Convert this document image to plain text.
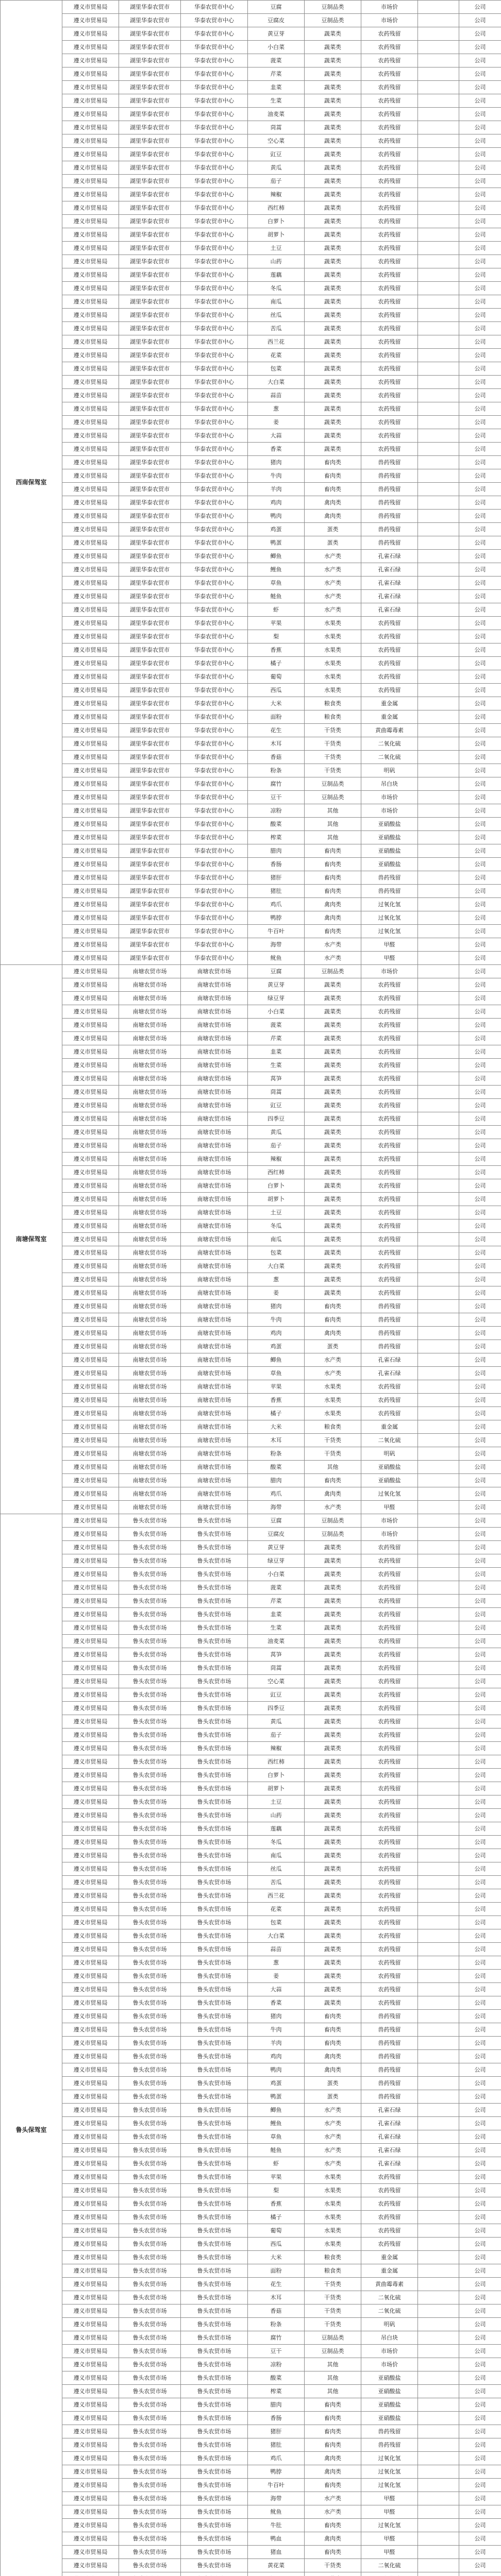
西南保驾室	遵义市贸易局	湖里华泰农贸市	华泰农贸市中心	豆腐	豆制品类	市场价		公司
	遵义市贸易局	湖里华泰农贸市	华泰农贸市中心	豆腐皮	豆制品类	市场价		公司
	遵义市贸易局	湖里华泰农贸市	华泰农贸市中心	黄豆芽	蔬菜类	农药残留		公司
	遵义市贸易局	湖里华泰农贸市	华泰农贸市中心	小白菜	蔬菜类	农药残留		公司
	遵义市贸易局	湖里华泰农贸市	华泰农贸市中心	菠菜	蔬菜类	农药残留		公司
	遵义市贸易局	湖里华泰农贸市	华泰农贸市中心	芹菜	蔬菜类	农药残留		公司
	遵义市贸易局	湖里华泰农贸市	华泰农贸市中心	韭菜	蔬菜类	农药残留		公司
	遵义市贸易局	湖里华泰农贸市	华泰农贸市中心	生菜	蔬菜类	农药残留		公司
	遵义市贸易局	湖里华泰农贸市	华泰农贸市中心	油麦菜	蔬菜类	农药残留		公司
	遵义市贸易局	湖里华泰农贸市	华泰农贸市中心	茼蒿	蔬菜类	农药残留		公司
	遵义市贸易局	湖里华泰农贸市	华泰农贸市中心	空心菜	蔬菜类	农药残留		公司
	遵义市贸易局	湖里华泰农贸市	华泰农贸市中心	豇豆	蔬菜类	农药残留		公司
	遵义市贸易局	湖里华泰农贸市	华泰农贸市中心	黄瓜	蔬菜类	农药残留		公司
	遵义市贸易局	湖里华泰农贸市	华泰农贸市中心	茄子	蔬菜类	农药残留		公司
	遵义市贸易局	湖里华泰农贸市	华泰农贸市中心	辣椒	蔬菜类	农药残留		公司
	遵义市贸易局	湖里华泰农贸市	华泰农贸市中心	西红柿	蔬菜类	农药残留		公司
	遵义市贸易局	湖里华泰农贸市	华泰农贸市中心	白萝卜	蔬菜类	农药残留		公司
	遵义市贸易局	湖里华泰农贸市	华泰农贸市中心	胡萝卜	蔬菜类	农药残留		公司
	遵义市贸易局	湖里华泰农贸市	华泰农贸市中心	土豆	蔬菜类	农药残留		公司
	遵义市贸易局	湖里华泰农贸市	华泰农贸市中心	山药	蔬菜类	农药残留		公司
	遵义市贸易局	湖里华泰农贸市	华泰农贸市中心	莲藕	蔬菜类	农药残留		公司
	遵义市贸易局	湖里华泰农贸市	华泰农贸市中心	冬瓜	蔬菜类	农药残留		公司
	遵义市贸易局	湖里华泰农贸市	华泰农贸市中心	南瓜	蔬菜类	农药残留		公司
	遵义市贸易局	湖里华泰农贸市	华泰农贸市中心	丝瓜	蔬菜类	农药残留		公司
	遵义市贸易局	湖里华泰农贸市	华泰农贸市中心	苦瓜	蔬菜类	农药残留		公司
	遵义市贸易局	湖里华泰农贸市	华泰农贸市中心	西兰花	蔬菜类	农药残留		公司
	遵义市贸易局	湖里华泰农贸市	华泰农贸市中心	花菜	蔬菜类	农药残留		公司
	遵义市贸易局	湖里华泰农贸市	华泰农贸市中心	包菜	蔬菜类	农药残留		公司
	遵义市贸易局	湖里华泰农贸市	华泰农贸市中心	大白菜	蔬菜类	农药残留		公司
	遵义市贸易局	湖里华泰农贸市	华泰农贸市中心	蒜苗	蔬菜类	农药残留		公司
	遵义市贸易局	湖里华泰农贸市	华泰农贸市中心	葱	蔬菜类	农药残留		公司
	遵义市贸易局	湖里华泰农贸市	华泰农贸市中心	姜	蔬菜类	农药残留		公司
	遵义市贸易局	湖里华泰农贸市	华泰农贸市中心	大蒜	蔬菜类	农药残留		公司
	遵义市贸易局	湖里华泰农贸市	华泰农贸市中心	香菜	蔬菜类	农药残留		公司
	遵义市贸易局	湖里华泰农贸市	华泰农贸市中心	猪肉	畜肉类	兽药残留		公司
	遵义市贸易局	湖里华泰农贸市	华泰农贸市中心	牛肉	畜肉类	兽药残留		公司
	遵义市贸易局	湖里华泰农贸市	华泰农贸市中心	羊肉	畜肉类	兽药残留		公司
	遵义市贸易局	湖里华泰农贸市	华泰农贸市中心	鸡肉	禽肉类	兽药残留		公司
	遵义市贸易局	湖里华泰农贸市	华泰农贸市中心	鸭肉	禽肉类	兽药残留		公司
	遵义市贸易局	湖里华泰农贸市	华泰农贸市中心	鸡蛋	蛋类	兽药残留		公司
	遵义市贸易局	湖里华泰农贸市	华泰农贸市中心	鸭蛋	蛋类	兽药残留		公司
	遵义市贸易局	湖里华泰农贸市	华泰农贸市中心	鲫鱼	水产类	孔雀石绿		公司
	遵义市贸易局	湖里华泰农贸市	华泰农贸市中心	鲤鱼	水产类	孔雀石绿		公司
	遵义市贸易局	湖里华泰农贸市	华泰农贸市中心	草鱼	水产类	孔雀石绿		公司
	遵义市贸易局	湖里华泰农贸市	华泰农贸市中心	鲢鱼	水产类	孔雀石绿		公司
	遵义市贸易局	湖里华泰农贸市	华泰农贸市中心	虾	水产类	孔雀石绿		公司
	遵义市贸易局	湖里华泰农贸市	华泰农贸市中心	苹果	水果类	农药残留		公司
	遵义市贸易局	湖里华泰农贸市	华泰农贸市中心	梨	水果类	农药残留		公司
	遵义市贸易局	湖里华泰农贸市	华泰农贸市中心	香蕉	水果类	农药残留		公司
	遵义市贸易局	湖里华泰农贸市	华泰农贸市中心	橘子	水果类	农药残留		公司
	遵义市贸易局	湖里华泰农贸市	华泰农贸市中心	葡萄	水果类	农药残留		公司
	遵义市贸易局	湖里华泰农贸市	华泰农贸市中心	西瓜	水果类	农药残留		公司
	遵义市贸易局	湖里华泰农贸市	华泰农贸市中心	大米	粮食类	重金属		公司
	遵义市贸易局	湖里华泰农贸市	华泰农贸市中心	面粉	粮食类	重金属		公司
	遵义市贸易局	湖里华泰农贸市	华泰农贸市中心	花生	干货类	黄曲霉毒素		公司
	遵义市贸易局	湖里华泰农贸市	华泰农贸市中心	木耳	干货类	二氧化硫		公司
	遵义市贸易局	湖里华泰农贸市	华泰农贸市中心	香菇	干货类	二氧化硫		公司
	遵义市贸易局	湖里华泰农贸市	华泰农贸市中心	粉条	干货类	明矾		公司
	遵义市贸易局	湖里华泰农贸市	华泰农贸市中心	腐竹	豆制品类	吊白块		公司
	遵义市贸易局	湖里华泰农贸市	华泰农贸市中心	豆干	豆制品类	市场价		公司
	遵义市贸易局	湖里华泰农贸市	华泰农贸市中心	凉粉	其他	市场价		公司
	遵义市贸易局	湖里华泰农贸市	华泰农贸市中心	酸菜	其他	亚硝酸盐		公司
	遵义市贸易局	湖里华泰农贸市	华泰农贸市中心	榨菜	其他	亚硝酸盐		公司
	遵义市贸易局	湖里华泰农贸市	华泰农贸市中心	腊肉	畜肉类	亚硝酸盐		公司
	遵义市贸易局	湖里华泰农贸市	华泰农贸市中心	香肠	畜肉类	亚硝酸盐		公司
	遵义市贸易局	湖里华泰农贸市	华泰农贸市中心	猪肝	畜肉类	兽药残留		公司
	遵义市贸易局	湖里华泰农贸市	华泰农贸市中心	猪肚	畜肉类	兽药残留		公司
	遵义市贸易局	湖里华泰农贸市	华泰农贸市中心	鸡爪	禽肉类	过氧化氢		公司
	遵义市贸易局	湖里华泰农贸市	华泰农贸市中心	鸭脖	禽肉类	过氧化氢		公司
	遵义市贸易局	湖里华泰农贸市	华泰农贸市中心	牛百叶	畜肉类	过氧化氢		公司
	遵义市贸易局	湖里华泰农贸市	华泰农贸市中心	海带	水产类	甲醛		公司
	遵义市贸易局	湖里华泰农贸市	华泰农贸市中心	鱿鱼	水产类	甲醛		公司
南塘保驾室	遵义市贸易局	南塘农贸市场	南塘农贸市场	豆腐	豆制品类	市场价		公司
	遵义市贸易局	南塘农贸市场	南塘农贸市场	黄豆芽	蔬菜类	农药残留		公司
	遵义市贸易局	南塘农贸市场	南塘农贸市场	绿豆芽	蔬菜类	农药残留		公司
	遵义市贸易局	南塘农贸市场	南塘农贸市场	小白菜	蔬菜类	农药残留		公司
	遵义市贸易局	南塘农贸市场	南塘农贸市场	菠菜	蔬菜类	农药残留		公司
	遵义市贸易局	南塘农贸市场	南塘农贸市场	芹菜	蔬菜类	农药残留		公司
	遵义市贸易局	南塘农贸市场	南塘农贸市场	韭菜	蔬菜类	农药残留		公司
	遵义市贸易局	南塘农贸市场	南塘农贸市场	生菜	蔬菜类	农药残留		公司
	遵义市贸易局	南塘农贸市场	南塘农贸市场	莴笋	蔬菜类	农药残留		公司
	遵义市贸易局	南塘农贸市场	南塘农贸市场	茼蒿	蔬菜类	农药残留		公司
	遵义市贸易局	南塘农贸市场	南塘农贸市场	豇豆	蔬菜类	农药残留		公司
	遵义市贸易局	南塘农贸市场	南塘农贸市场	四季豆	蔬菜类	农药残留		公司
	遵义市贸易局	南塘农贸市场	南塘农贸市场	黄瓜	蔬菜类	农药残留		公司
	遵义市贸易局	南塘农贸市场	南塘农贸市场	茄子	蔬菜类	农药残留		公司
	遵义市贸易局	南塘农贸市场	南塘农贸市场	辣椒	蔬菜类	农药残留		公司
	遵义市贸易局	南塘农贸市场	南塘农贸市场	西红柿	蔬菜类	农药残留		公司
	遵义市贸易局	南塘农贸市场	南塘农贸市场	白萝卜	蔬菜类	农药残留		公司
	遵义市贸易局	南塘农贸市场	南塘农贸市场	胡萝卜	蔬菜类	农药残留		公司
	遵义市贸易局	南塘农贸市场	南塘农贸市场	土豆	蔬菜类	农药残留		公司
	遵义市贸易局	南塘农贸市场	南塘农贸市场	冬瓜	蔬菜类	农药残留		公司
	遵义市贸易局	南塘农贸市场	南塘农贸市场	南瓜	蔬菜类	农药残留		公司
	遵义市贸易局	南塘农贸市场	南塘农贸市场	包菜	蔬菜类	农药残留		公司
	遵义市贸易局	南塘农贸市场	南塘农贸市场	大白菜	蔬菜类	农药残留		公司
	遵义市贸易局	南塘农贸市场	南塘农贸市场	葱	蔬菜类	农药残留		公司
	遵义市贸易局	南塘农贸市场	南塘农贸市场	姜	蔬菜类	农药残留		公司
	遵义市贸易局	南塘农贸市场	南塘农贸市场	猪肉	畜肉类	兽药残留		公司
	遵义市贸易局	南塘农贸市场	南塘农贸市场	牛肉	畜肉类	兽药残留		公司
	遵义市贸易局	南塘农贸市场	南塘农贸市场	鸡肉	禽肉类	兽药残留		公司
	遵义市贸易局	南塘农贸市场	南塘农贸市场	鸡蛋	蛋类	兽药残留		公司
	遵义市贸易局	南塘农贸市场	南塘农贸市场	鲫鱼	水产类	孔雀石绿		公司
	遵义市贸易局	南塘农贸市场	南塘农贸市场	草鱼	水产类	孔雀石绿		公司
	遵义市贸易局	南塘农贸市场	南塘农贸市场	苹果	水果类	农药残留		公司
	遵义市贸易局	南塘农贸市场	南塘农贸市场	香蕉	水果类	农药残留		公司
	遵义市贸易局	南塘农贸市场	南塘农贸市场	橘子	水果类	农药残留		公司
	遵义市贸易局	南塘农贸市场	南塘农贸市场	大米	粮食类	重金属		公司
	遵义市贸易局	南塘农贸市场	南塘农贸市场	木耳	干货类	二氧化硫		公司
	遵义市贸易局	南塘农贸市场	南塘农贸市场	粉条	干货类	明矾		公司
	遵义市贸易局	南塘农贸市场	南塘农贸市场	酸菜	其他	亚硝酸盐		公司
	遵义市贸易局	南塘农贸市场	南塘农贸市场	腊肉	畜肉类	亚硝酸盐		公司
	遵义市贸易局	南塘农贸市场	南塘农贸市场	鸡爪	禽肉类	过氧化氢		公司
	遵义市贸易局	南塘农贸市场	南塘农贸市场	海带	水产类	甲醛		公司
鲁头保驾室	遵义市贸易局	鲁头农贸市场	鲁头农贸市场	豆腐	豆制品类	市场价		公司
	遵义市贸易局	鲁头农贸市场	鲁头农贸市场	豆腐皮	豆制品类	市场价		公司
	遵义市贸易局	鲁头农贸市场	鲁头农贸市场	黄豆芽	蔬菜类	农药残留		公司
	遵义市贸易局	鲁头农贸市场	鲁头农贸市场	绿豆芽	蔬菜类	农药残留		公司
	遵义市贸易局	鲁头农贸市场	鲁头农贸市场	小白菜	蔬菜类	农药残留		公司
	遵义市贸易局	鲁头农贸市场	鲁头农贸市场	菠菜	蔬菜类	农药残留		公司
	遵义市贸易局	鲁头农贸市场	鲁头农贸市场	芹菜	蔬菜类	农药残留		公司
	遵义市贸易局	鲁头农贸市场	鲁头农贸市场	韭菜	蔬菜类	农药残留		公司
	遵义市贸易局	鲁头农贸市场	鲁头农贸市场	生菜	蔬菜类	农药残留		公司
	遵义市贸易局	鲁头农贸市场	鲁头农贸市场	油麦菜	蔬菜类	农药残留		公司
	遵义市贸易局	鲁头农贸市场	鲁头农贸市场	莴笋	蔬菜类	农药残留		公司
	遵义市贸易局	鲁头农贸市场	鲁头农贸市场	茼蒿	蔬菜类	农药残留		公司
	遵义市贸易局	鲁头农贸市场	鲁头农贸市场	空心菜	蔬菜类	农药残留		公司
	遵义市贸易局	鲁头农贸市场	鲁头农贸市场	豇豆	蔬菜类	农药残留		公司
	遵义市贸易局	鲁头农贸市场	鲁头农贸市场	四季豆	蔬菜类	农药残留		公司
	遵义市贸易局	鲁头农贸市场	鲁头农贸市场	黄瓜	蔬菜类	农药残留		公司
	遵义市贸易局	鲁头农贸市场	鲁头农贸市场	茄子	蔬菜类	农药残留		公司
	遵义市贸易局	鲁头农贸市场	鲁头农贸市场	辣椒	蔬菜类	农药残留		公司
	遵义市贸易局	鲁头农贸市场	鲁头农贸市场	西红柿	蔬菜类	农药残留		公司
	遵义市贸易局	鲁头农贸市场	鲁头农贸市场	白萝卜	蔬菜类	农药残留		公司
	遵义市贸易局	鲁头农贸市场	鲁头农贸市场	胡萝卜	蔬菜类	农药残留		公司
	遵义市贸易局	鲁头农贸市场	鲁头农贸市场	土豆	蔬菜类	农药残留		公司
	遵义市贸易局	鲁头农贸市场	鲁头农贸市场	山药	蔬菜类	农药残留		公司
	遵义市贸易局	鲁头农贸市场	鲁头农贸市场	莲藕	蔬菜类	农药残留		公司
	遵义市贸易局	鲁头农贸市场	鲁头农贸市场	冬瓜	蔬菜类	农药残留		公司
	遵义市贸易局	鲁头农贸市场	鲁头农贸市场	南瓜	蔬菜类	农药残留		公司
	遵义市贸易局	鲁头农贸市场	鲁头农贸市场	丝瓜	蔬菜类	农药残留		公司
	遵义市贸易局	鲁头农贸市场	鲁头农贸市场	苦瓜	蔬菜类	农药残留		公司
	遵义市贸易局	鲁头农贸市场	鲁头农贸市场	西兰花	蔬菜类	农药残留		公司
	遵义市贸易局	鲁头农贸市场	鲁头农贸市场	花菜	蔬菜类	农药残留		公司
	遵义市贸易局	鲁头农贸市场	鲁头农贸市场	包菜	蔬菜类	农药残留		公司
	遵义市贸易局	鲁头农贸市场	鲁头农贸市场	大白菜	蔬菜类	农药残留		公司
	遵义市贸易局	鲁头农贸市场	鲁头农贸市场	蒜苗	蔬菜类	农药残留		公司
	遵义市贸易局	鲁头农贸市场	鲁头农贸市场	葱	蔬菜类	农药残留		公司
	遵义市贸易局	鲁头农贸市场	鲁头农贸市场	姜	蔬菜类	农药残留		公司
	遵义市贸易局	鲁头农贸市场	鲁头农贸市场	大蒜	蔬菜类	农药残留		公司
	遵义市贸易局	鲁头农贸市场	鲁头农贸市场	香菜	蔬菜类	农药残留		公司
	遵义市贸易局	鲁头农贸市场	鲁头农贸市场	猪肉	畜肉类	兽药残留		公司
	遵义市贸易局	鲁头农贸市场	鲁头农贸市场	牛肉	畜肉类	兽药残留		公司
	遵义市贸易局	鲁头农贸市场	鲁头农贸市场	羊肉	畜肉类	兽药残留		公司
	遵义市贸易局	鲁头农贸市场	鲁头农贸市场	鸡肉	禽肉类	兽药残留		公司
	遵义市贸易局	鲁头农贸市场	鲁头农贸市场	鸭肉	禽肉类	兽药残留		公司
	遵义市贸易局	鲁头农贸市场	鲁头农贸市场	鸡蛋	蛋类	兽药残留		公司
	遵义市贸易局	鲁头农贸市场	鲁头农贸市场	鸭蛋	蛋类	兽药残留		公司
	遵义市贸易局	鲁头农贸市场	鲁头农贸市场	鲫鱼	水产类	孔雀石绿		公司
	遵义市贸易局	鲁头农贸市场	鲁头农贸市场	鲤鱼	水产类	孔雀石绿		公司
	遵义市贸易局	鲁头农贸市场	鲁头农贸市场	草鱼	水产类	孔雀石绿		公司
	遵义市贸易局	鲁头农贸市场	鲁头农贸市场	鲢鱼	水产类	孔雀石绿		公司
	遵义市贸易局	鲁头农贸市场	鲁头农贸市场	虾	水产类	孔雀石绿		公司
	遵义市贸易局	鲁头农贸市场	鲁头农贸市场	苹果	水果类	农药残留		公司
	遵义市贸易局	鲁头农贸市场	鲁头农贸市场	梨	水果类	农药残留		公司
	遵义市贸易局	鲁头农贸市场	鲁头农贸市场	香蕉	水果类	农药残留		公司
	遵义市贸易局	鲁头农贸市场	鲁头农贸市场	橘子	水果类	农药残留		公司
	遵义市贸易局	鲁头农贸市场	鲁头农贸市场	葡萄	水果类	农药残留		公司
	遵义市贸易局	鲁头农贸市场	鲁头农贸市场	西瓜	水果类	农药残留		公司
	遵义市贸易局	鲁头农贸市场	鲁头农贸市场	大米	粮食类	重金属		公司
	遵义市贸易局	鲁头农贸市场	鲁头农贸市场	面粉	粮食类	重金属		公司
	遵义市贸易局	鲁头农贸市场	鲁头农贸市场	花生	干货类	黄曲霉毒素		公司
	遵义市贸易局	鲁头农贸市场	鲁头农贸市场	木耳	干货类	二氧化硫		公司
	遵义市贸易局	鲁头农贸市场	鲁头农贸市场	香菇	干货类	二氧化硫		公司
	遵义市贸易局	鲁头农贸市场	鲁头农贸市场	粉条	干货类	明矾		公司
	遵义市贸易局	鲁头农贸市场	鲁头农贸市场	腐竹	豆制品类	吊白块		公司
	遵义市贸易局	鲁头农贸市场	鲁头农贸市场	豆干	豆制品类	市场价		公司
	遵义市贸易局	鲁头农贸市场	鲁头农贸市场	凉粉	其他	市场价		公司
	遵义市贸易局	鲁头农贸市场	鲁头农贸市场	酸菜	其他	亚硝酸盐		公司
	遵义市贸易局	鲁头农贸市场	鲁头农贸市场	榨菜	其他	亚硝酸盐		公司
	遵义市贸易局	鲁头农贸市场	鲁头农贸市场	腊肉	畜肉类	亚硝酸盐		公司
	遵义市贸易局	鲁头农贸市场	鲁头农贸市场	香肠	畜肉类	亚硝酸盐		公司
	遵义市贸易局	鲁头农贸市场	鲁头农贸市场	猪肝	畜肉类	兽药残留		公司
	遵义市贸易局	鲁头农贸市场	鲁头农贸市场	猪肚	畜肉类	兽药残留		公司
	遵义市贸易局	鲁头农贸市场	鲁头农贸市场	鸡爪	禽肉类	过氧化氢		公司
	遵义市贸易局	鲁头农贸市场	鲁头农贸市场	鸭脖	禽肉类	过氧化氢		公司
	遵义市贸易局	鲁头农贸市场	鲁头农贸市场	牛百叶	畜肉类	过氧化氢		公司
	遵义市贸易局	鲁头农贸市场	鲁头农贸市场	海带	水产类	甲醛		公司
	遵义市贸易局	鲁头农贸市场	鲁头农贸市场	鱿鱼	水产类	甲醛		公司
	遵义市贸易局	鲁头农贸市场	鲁头农贸市场	牛肚	畜肉类	过氧化氢		公司
	遵义市贸易局	鲁头农贸市场	鲁头农贸市场	鸭血	禽肉类	甲醛		公司
	遵义市贸易局	鲁头农贸市场	鲁头农贸市场	猪血	畜肉类	甲醛		公司
	遵义市贸易局	鲁头农贸市场	鲁头农贸市场	黄花菜	干货类	二氧化硫		公司
